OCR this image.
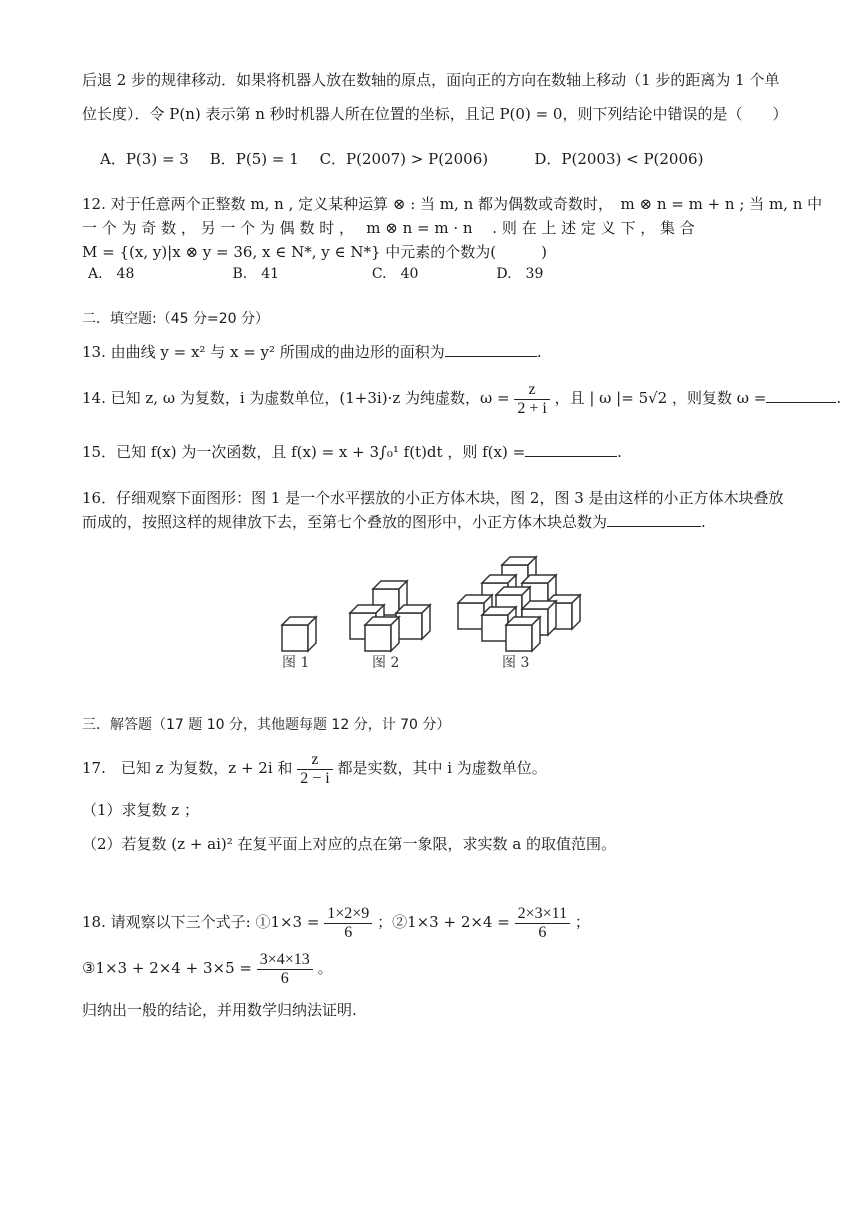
后退 2 步的规律移动．如果将机器人放在数轴的原点，面向正的方向在数轴上移动（1 步的距离为 1 个单
位长度）．令 P(n) 表示第 n 秒时机器人所在位置的坐标，且记 P(0) = 0，则下列结论中错误的是（　　）
A．P(3) = 3 B．P(5) = 1 C．P(2007) > P(2006)	D．P(2003) < P(2006)
12. 对于任意两个正整数 m, n , 定义某种运算 ⊗ : 当 m, n 都为偶数或奇数时，　m ⊗ n = m + n ; 当 m, n 中
一 个 为 奇 数 ， 另 一 个 为 偶 数 时 ，　 m ⊗ n = m · n 　. 则 在 上 述 定 义 下 ， 集 合
M = {(x, y)|x ⊗ y = 36, x ∈ N*, y ∈ N*} 中元素的个数为(　　　)
A.　48	B.　41	C.　40	D.　39
二．填空题:（45 分=20 分）
13. 由曲线 y = x² 与 x = y² 所围成的曲边形的面积为	.
14. 已知 z, ω 为复数，i 为虚数单位，(1+3i)·z 为纯虚数，$\omega = \frac{z}{2 + i}$ ，且 | ω |= 5√2 ，则复数 ω =	.
15．已知 f(x) 为一次函数，且 f(x) = x + 3∫₀¹ f(t)dt ，则 f(x) =	.
16．仔细观察下面图形：图 1 是一个水平摆放的小正方体木块，图 2，图 3 是由这样的小正方体木块叠放
而成的，按照这样的规律放下去，至第七个叠放的图形中，小正方体木块总数为	.
图 1	图 2	图 3
三．解答题（17 题 10 分，其他题每题 12 分，计 70 分）
17.　已知 z 为复数，z + 2i 和 $\frac{z}{2 - i}$ 都是实数，其中 i 为虚数单位。
（1）求复数 z ；
（2）若复数 (z + ai)² 在复平面上对应的点在第一象限，求实数 a 的取值范围。
18. 请观察以下三个式子: ①1×3 = $\frac{1\times 2\times 9}{6}$ ；②1×3 + $2\times 4 = \frac{2\times 3\times 11}{6}$ ；
③1×3 + $2\times 4 + 3\times 5 = \frac{3\times 4\times 13}{6}$ 。
归纳出一般的结论，并用数学归纳法证明.
